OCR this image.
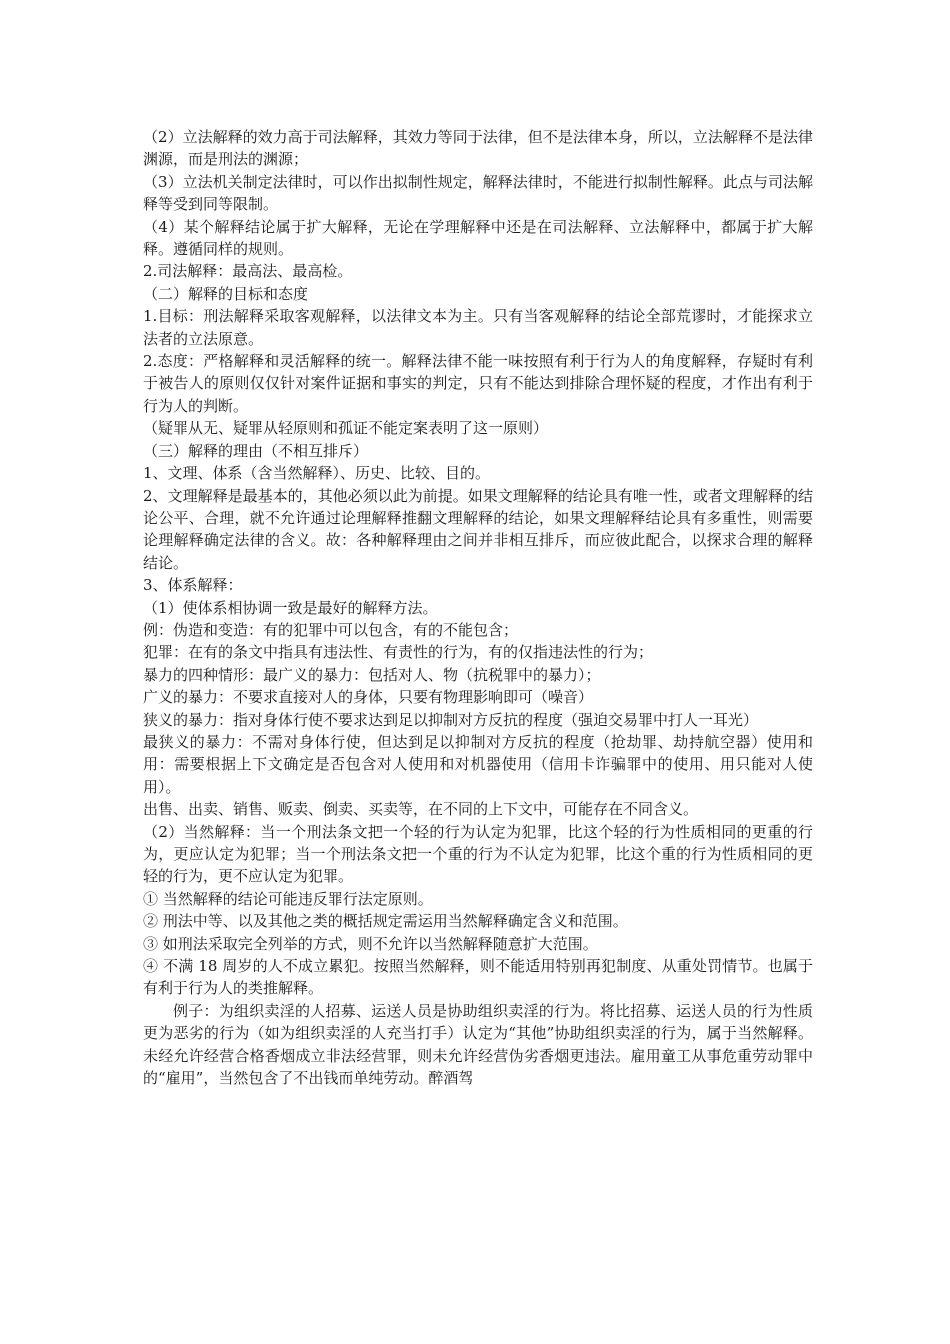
（2）立法解释的效力高于司法解释，其效力等同于法律，但不是法律本身，所以，立法解释不是法律渊源，而是刑法的渊源；

（3）立法机关制定法律时，可以作出拟制性规定，解释法律时，不能进行拟制性解释。此点与司法解释等受到同等限制。

（4）某个解释结论属于扩大解释，无论在学理解释中还是在司法解释、立法解释中，都属于扩大解释。遵循同样的规则。

2.司法解释：最高法、最高检。

（二）解释的目标和态度

1.目标：刑法解释采取客观解释，以法律文本为主。只有当客观解释的结论全部荒谬时，才能探求立法者的立法原意。

2.态度：严格解释和灵活解释的统一。解释法律不能一味按照有利于行为人的角度解释，存疑时有利于被告人的原则仅仅针对案件证据和事实的判定，只有不能达到排除合理怀疑的程度，才作出有利于行为人的判断。

（疑罪从无、疑罪从轻原则和孤证不能定案表明了这一原则）

（三）解释的理由（不相互排斥）

1、文理、体系（含当然解释）、历史、比较、目的。

2、文理解释是最基本的，其他必须以此为前提。如果文理解释的结论具有唯一性，或者文理解释的结论公平、合理，就不允许通过论理解释推翻文理解释的结论，如果文理解释结论具有多重性，则需要论理解释确定法律的含义。故：各种解释理由之间并非相互排斥，而应彼此配合，以探求合理的解释结论。

3、体系解释：

（1）使体系相协调一致是最好的解释方法。

例：伪造和变造：有的犯罪中可以包含，有的不能包含；

犯罪：在有的条文中指具有违法性、有责性的行为，有的仅指违法性的行为；

暴力的四种情形：最广义的暴力：包括对人、物（抗税罪中的暴力）；

广义的暴力：不要求直接对人的身体，只要有物理影响即可（噪音）

狭义的暴力：指对身体行使不要求达到足以抑制对方反抗的程度（强迫交易罪中打人一耳光）

最狭义的暴力：不需对身体行使，但达到足以抑制对方反抗的程度（抢劫罪、劫持航空器）使用和用：需要根据上下文确定是否包含对人使用和对机器使用（信用卡诈骗罪中的使用、用只能对人使用）。

出售、出卖、销售、贩卖、倒卖、买卖等，在不同的上下文中，可能存在不同含义。

（2）当然解释：当一个刑法条文把一个轻的行为认定为犯罪，比这个轻的行为性质相同的更重的行为，更应认定为犯罪；当一个刑法条文把一个重的行为不认定为犯罪，比这个重的行为性质相同的更轻的行为，更不应认定为犯罪。

① 当然解释的结论可能违反罪行法定原则。

② 刑法中等、以及其他之类的概括规定需运用当然解释确定含义和范围。

③ 如刑法采取完全列举的方式，则不允许以当然解释随意扩大范围。

④ 不满 18 周岁的人不成立累犯。按照当然解释，则不能适用特别再犯制度、从重处罚情节。也属于有利于行为人的类推解释。

例子：为组织卖淫的人招募、运送人员是协助组织卖淫的行为。将比招募、运送人员的行为性质更为恶劣的行为（如为组织卖淫的人充当打手）认定为“其他”协助组织卖淫的行为，属于当然解释。未经允许经营合格香烟成立非法经营罪，则未允许经营伪劣香烟更违法。雇用童工从事危重劳动罪中的“雇用”，当然包含了不出钱而单纯劳动。醉酒驾
